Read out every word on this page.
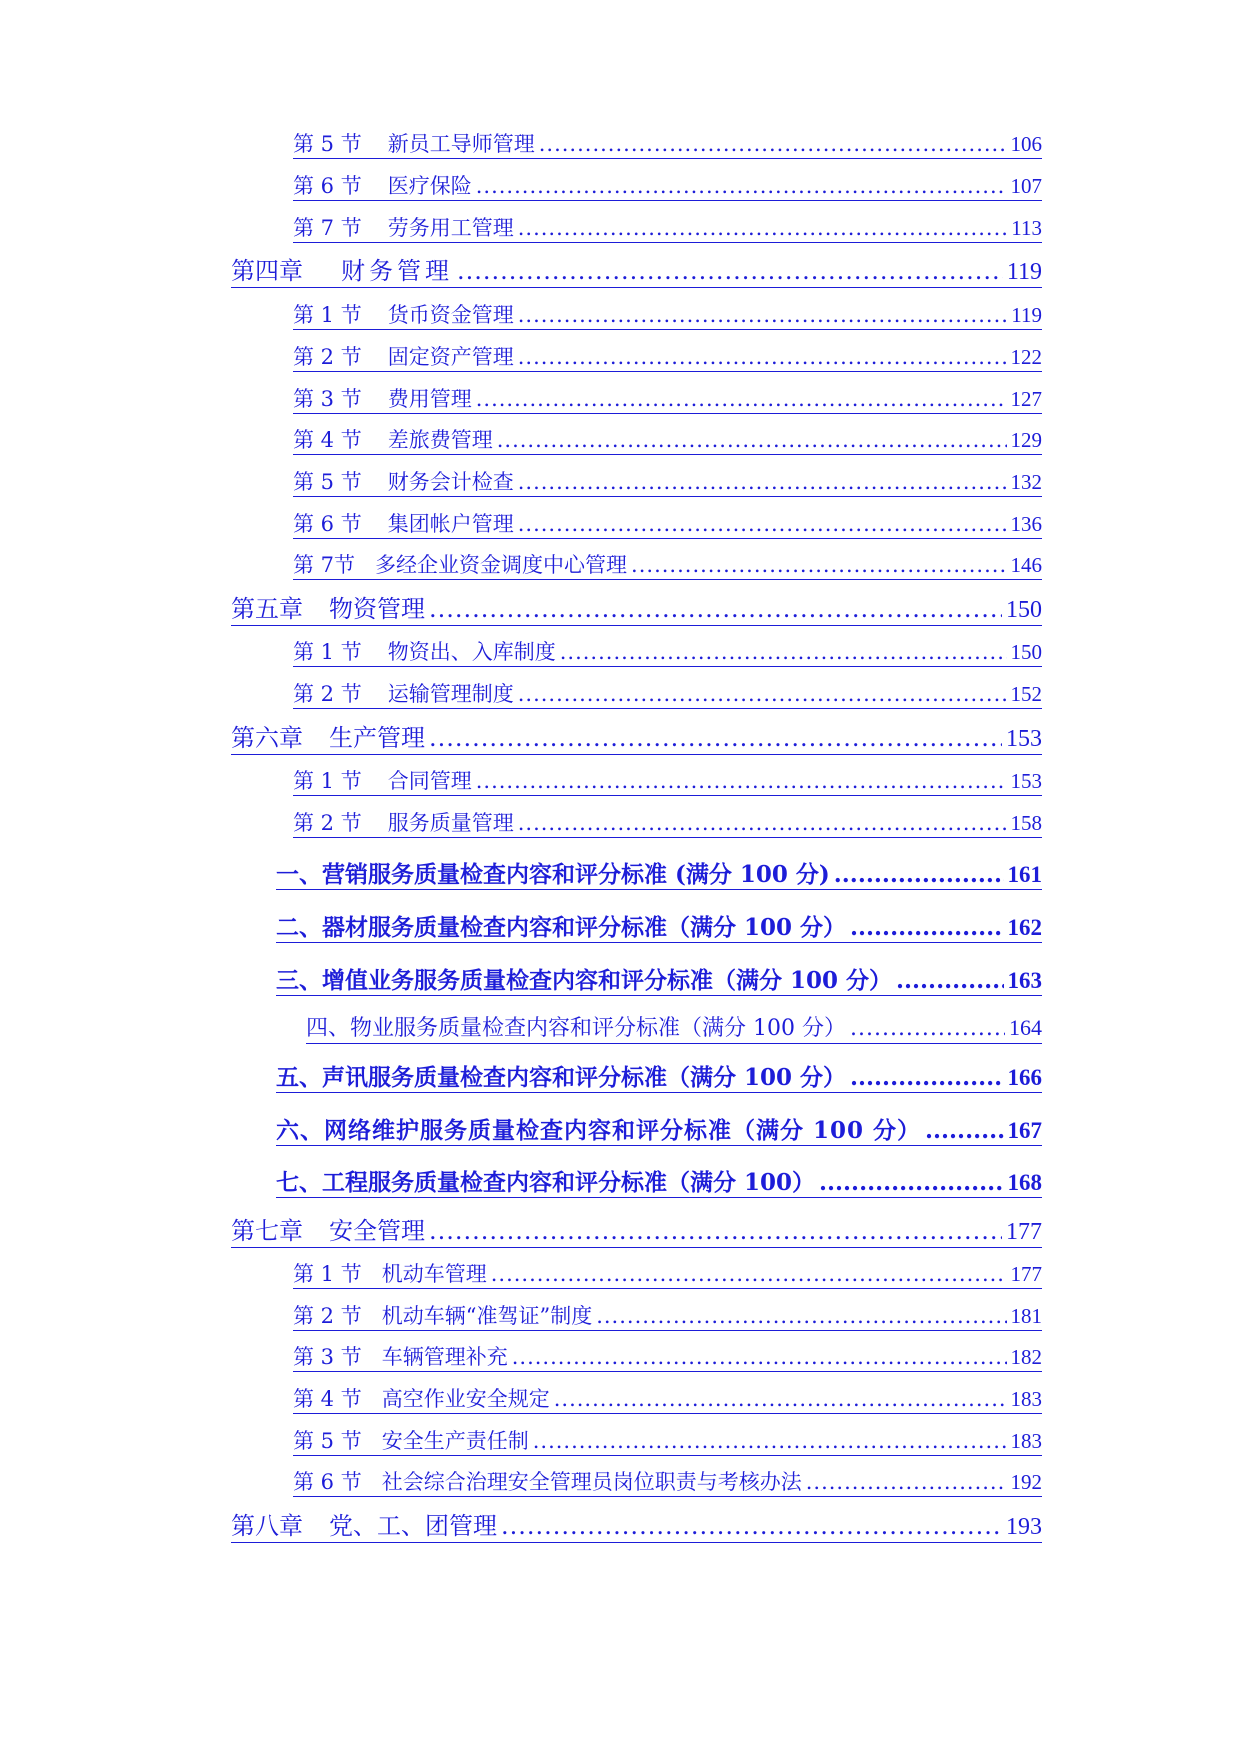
第 5 节	新员工导师管理 .....	106
第 6 节	医疗保险 .....	107
第 7 节	劳务用工管理 .....	113
第四章	财务管理 .....	119
第 1 节	货币资金管理 .....	119
第 2 节	固定资产管理 .....	122
第 3 节	费用管理 .....	127
第 4 节	差旅费管理 .....	129
第 5 节	财务会计检查 .....	132
第 6 节	集团帐户管理 .....	136
第 7节 多经企业资金调度中心管理 .....	146
第五章	物资管理 .....	150
第 1 节	物资出、入库制度 .....	150
第 2 节	运输管理制度 .....	152
第六章	生产管理 .....	153
第 1 节	合同管理 .....	153
第 2 节	服务质量管理 .....	158
一、营销服务质量检查内容和评分标准 (满分 100 分) .....	161
二、器材服务质量检查内容和评分标准（满分 100 分） .....	162
三、增值业务服务质量检查内容和评分标准（满分 100 分） .....	163
四、物业服务质量检查内容和评分标准（满分 100 分） .....	164
五、声讯服务质量检查内容和评分标准（满分 100 分） .....	166
六、网络维护服务质量检查内容和评分标准（满分 100 分） .....	167
七、工程服务质量检查内容和评分标准（满分 100） .....	168
第七章	安全管理 .....	177
第 1 节 机动车管理 .....	177
第 2 节 机动车辆“准驾证”制度 .....	181
第 3 节 车辆管理补充 .....	182
第 4 节 高空作业安全规定 .....	183
第 5 节 安全生产责任制 .....	183
第 6 节 社会综合治理安全管理员岗位职责与考核办法 .....	192
第八章	党、工、团管理 .....	193
